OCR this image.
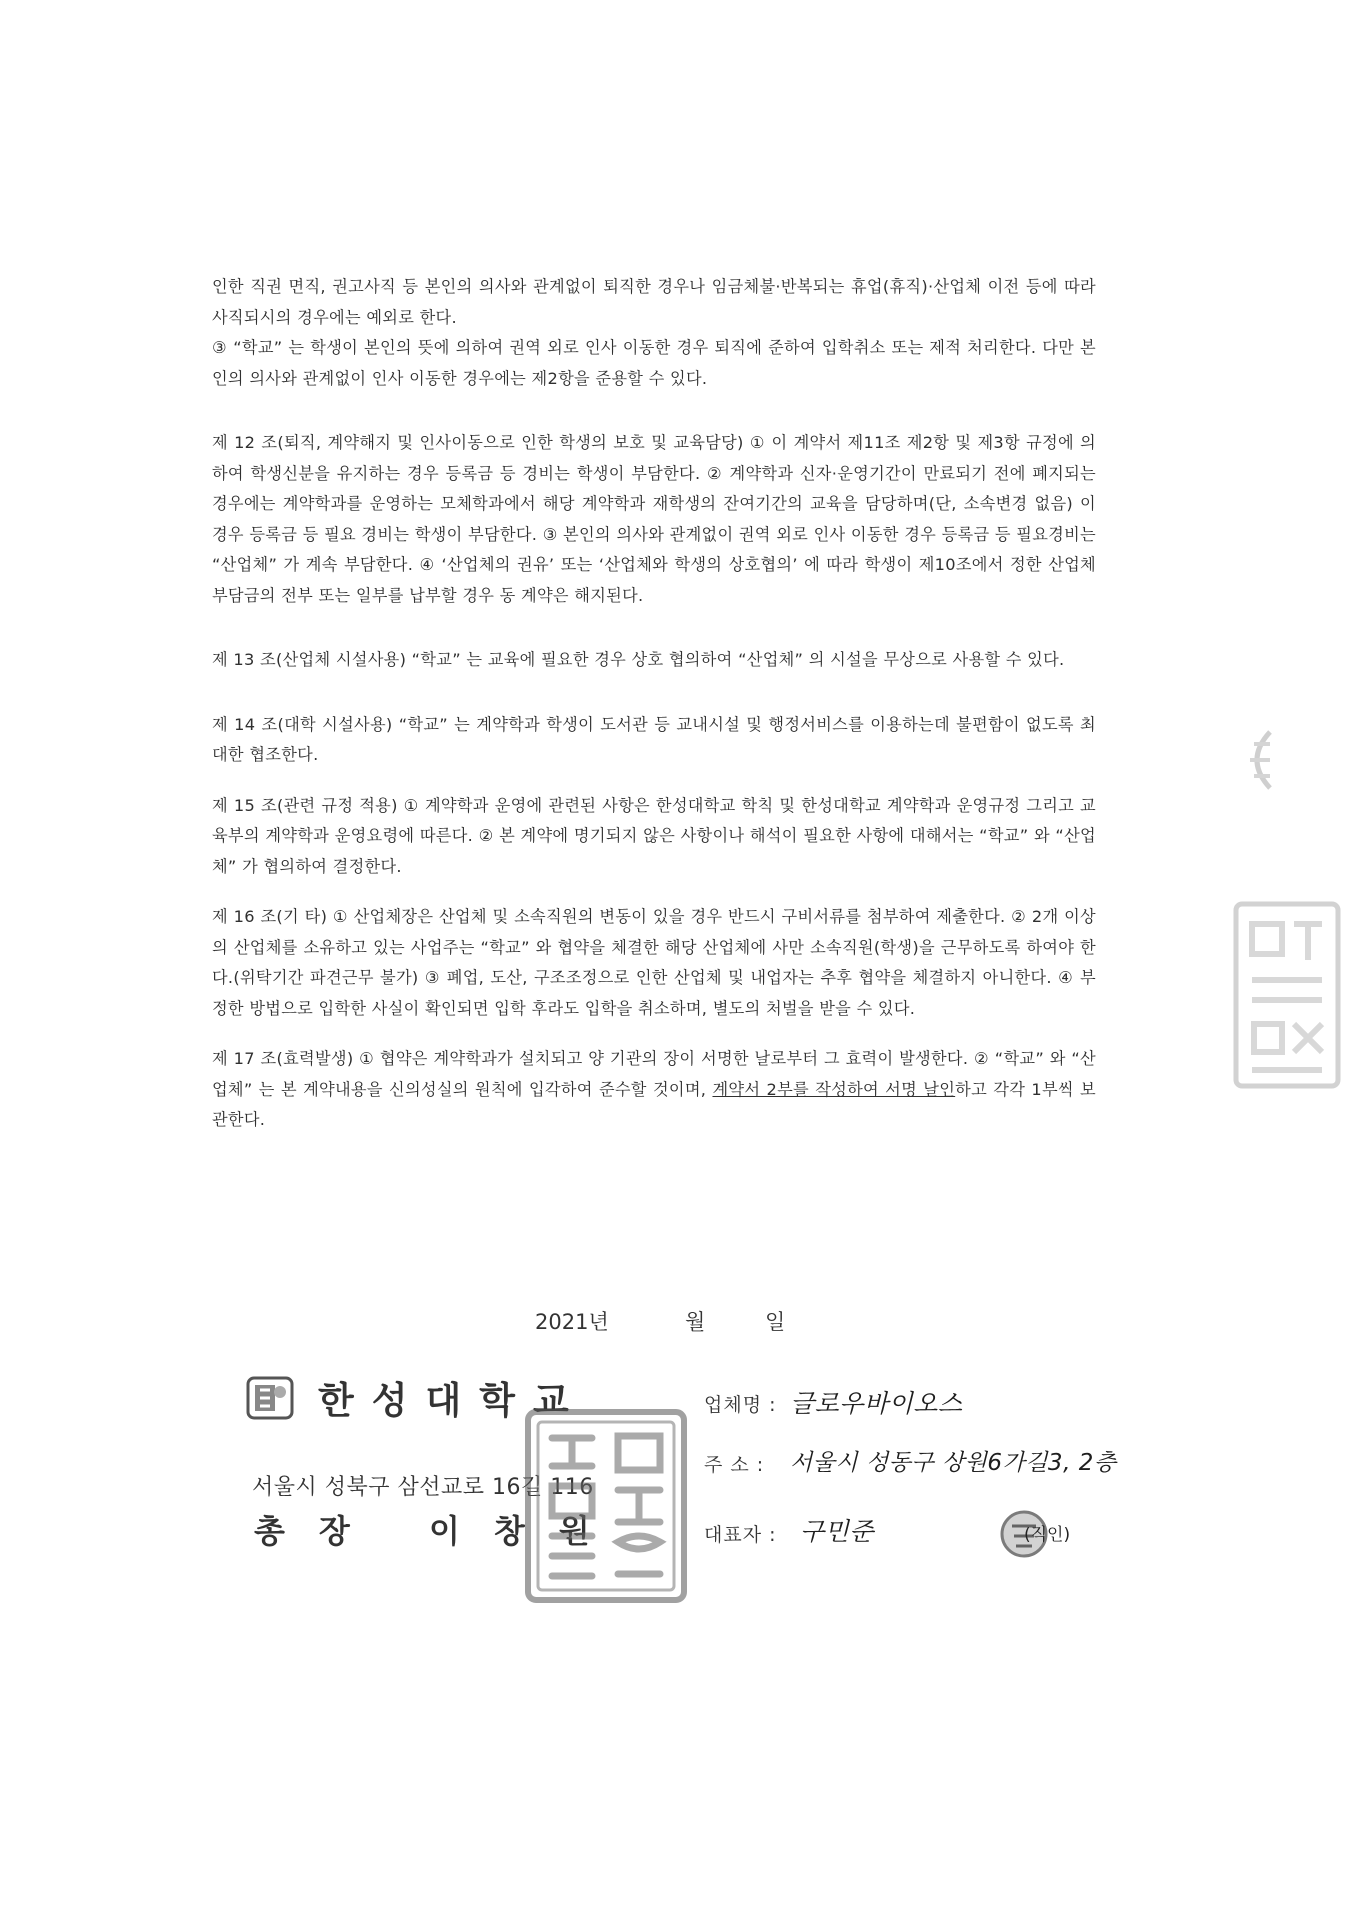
인한 직권 면직, 권고사직 등 본인의 의사와 관계없이 퇴직한 경우나 임금체불·반복되는 휴업(휴직)·산업체 이전 등에 따라 사직되시의 경우에는 예외로 한다.

③ “학교” 는 학생이 본인의 뜻에 의하여 권역 외로 인사 이동한 경우 퇴직에 준하여 입학취소 또는 제적 처리한다. 다만 본인의 의사와 관계없이 인사 이동한 경우에는 제2항을 준용할 수 있다.

제 12 조(퇴직, 계약해지 및 인사이동으로 인한 학생의 보호 및 교육담당) ① 이 계약서 제11조 제2항 및 제3항 규정에 의하여 학생신분을 유지하는 경우 등록금 등 경비는 학생이 부담한다. ② 계약학과 신자·운영기간이 만료되기 전에 폐지되는 경우에는 계약학과를 운영하는 모체학과에서 해당 계약학과 재학생의 잔여기간의 교육을 담당하며(단, 소속변경 없음) 이 경우 등록금 등 필요 경비는 학생이 부담한다. ③ 본인의 의사와 관계없이 권역 외로 인사 이동한 경우 등록금 등 필요경비는 “산업체” 가 계속 부담한다. ④ ‘산업체의 권유’ 또는 ‘산업체와 학생의 상호협의’ 에 따라 학생이 제10조에서 정한 산업체부담금의 전부 또는 일부를 납부할 경우 동 계약은 해지된다.

제 13 조(산업체 시설사용) “학교” 는 교육에 필요한 경우 상호 협의하여 “산업체” 의 시설을 무상으로 사용할 수 있다.

제 14 조(대학 시설사용) “학교” 는 계약학과 학생이 도서관 등 교내시설 및 행정서비스를 이용하는데 불편함이 없도록 최대한 협조한다.

제 15 조(관련 규정 적용) ① 계약학과 운영에 관련된 사항은 한성대학교 학칙 및 한성대학교 계약학과 운영규정 그리고 교육부의 계약학과 운영요령에 따른다. ② 본 계약에 명기되지 않은 사항이나 해석이 필요한 사항에 대해서는 “학교” 와 “산업체” 가 협의하여 결정한다.

제 16 조(기 타) ① 산업체장은 산업체 및 소속직원의 변동이 있을 경우 반드시 구비서류를 첨부하여 제출한다. ② 2개 이상의 산업체를 소유하고 있는 사업주는 “학교” 와 협약을 체결한 해당 산업체에 사만 소속직원(학생)을 근무하도록 하여야 한다.(위탁기간 파견근무 불가) ③ 폐업, 도산, 구조조정으로 인한 산업체 및 내업자는 추후 협약을 체결하지 아니한다. ④ 부정한 방법으로 입학한 사실이 확인되면 입학 후라도 입학을 취소하며, 별도의 처벌을 받을 수 있다.

제 17 조(효력발생) ① 협약은 계약학과가 설치되고 양 기관의 장이 서명한 날로부터 그 효력이 발생한다. ② “학교” 와 “산업체” 는 본 계약내용을 신의성실의 원칙에 입각하여 준수할 것이며, 계약서 2부를 작성하여 서명 날인하고 각각 1부씩 보관한다.

2021년	월	일
한성대학교
서울시 성북구 삼선교로 16길 116
총장 이창원
업체명 : 글로우바이오스
주 소 : 서울시 성동구 상원6가길3, 2층
대표자 : 구민준	(직인)
